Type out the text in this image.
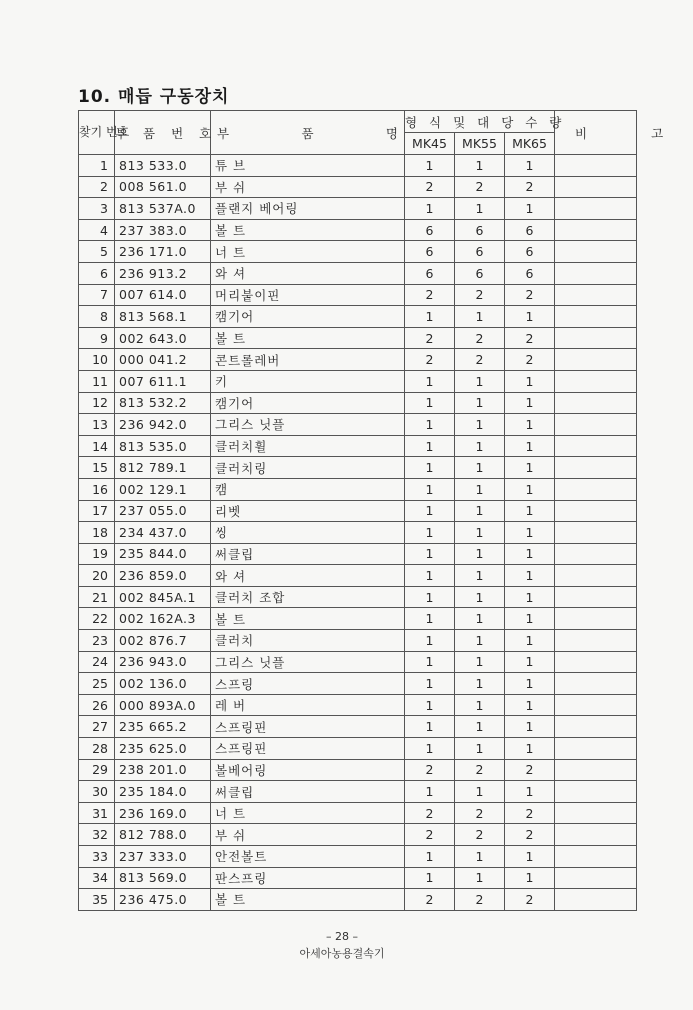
10. 매듭 구동장치
찾기 번호	부 품 번 호	부 품 명	형 식 및 대 당 수 량			비 고
			MK45	MK55	MK65	
1	813 533.0	튜 브	1	1	1	
2	008 561.0	부 쉬	2	2	2	
3	813 537A.0	플랜지 베어링	1	1	1	
4	237 383.0	볼 트	6	6	6	
5	236 171.0	너 트	6	6	6	
6	236 913.2	와 셔	6	6	6	
7	007 614.0	머리붙이핀	2	2	2	
8	813 568.1	캠기어	1	1	1	
9	002 643.0	볼 트	2	2	2	
10	000 041.2	콘트롤레버	2	2	2	
11	007 611.1	키	1	1	1	
12	813 532.2	캠기어	1	1	1	
13	236 942.0	그리스 닛플	1	1	1	
14	813 535.0	클러치휠	1	1	1	
15	812 789.1	클러치링	1	1	1	
16	002 129.1	캠	1	1	1	
17	237 055.0	리벳	1	1	1	
18	234 437.0	씽	1	1	1	
19	235 844.0	써클립	1	1	1	
20	236 859.0	와 셔	1	1	1	
21	002 845A.1	클러치 조합	1	1	1	
22	002 162A.3	볼 트	1	1	1	
23	002 876.7	클러치	1	1	1	
24	236 943.0	그리스 닛플	1	1	1	
25	002 136.0	스프링	1	1	1	
26	000 893A.0	레 버	1	1	1	
27	235 665.2	스프링핀	1	1	1	
28	235 625.0	스프링핀	1	1	1	
29	238 201.0	볼베어링	2	2	2	
30	235 184.0	써클립	1	1	1	
31	236 169.0	너 트	2	2	2	
32	812 788.0	부 쉬	2	2	2	
33	237 333.0	안전볼트	1	1	1	
34	813 569.0	판스프링	1	1	1	
35	236 475.0	볼 트	2	2	2	
– 28 –
아세아농용결속기
